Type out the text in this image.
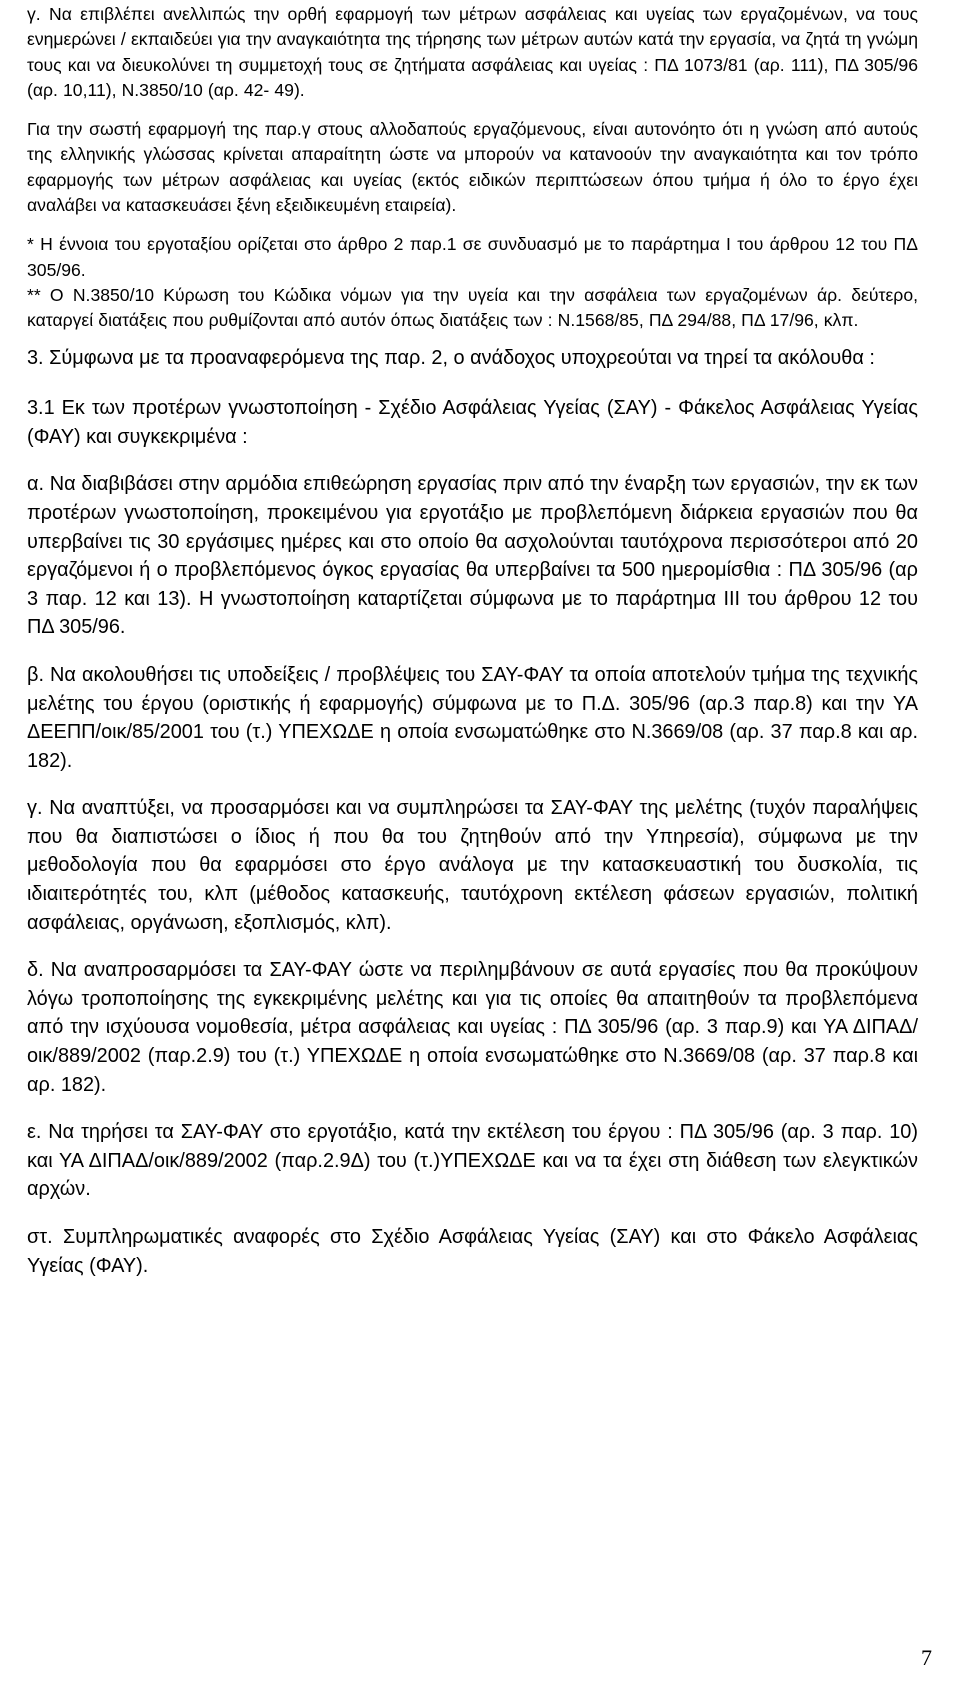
γ. Να επιβλέπει ανελλιπώς την ορθή εφαρμογή των μέτρων ασφάλειας και υγείας των εργαζομένων, να τους ενημερώνει / εκπαιδεύει για την αναγκαιότητα της τήρησης των μέτρων αυτών κατά την εργασία, να ζητά τη γνώμη τους και να διευκολύνει τη συμμετοχή τους σε ζητήματα ασφάλειας και υγείας : ΠΔ 1073/81 (αρ. 111), ΠΔ 305/96 (αρ. 10,11), Ν.3850/10 (αρ. 42- 49).

Για την σωστή εφαρμογή της παρ.γ στους αλλοδαπούς εργαζόμενους, είναι αυτονόητο ότι η γνώση από αυτούς της ελληνικής γλώσσας κρίνεται απαραίτητη ώστε να μπορούν να κατανοούν την αναγκαιότητα και τον τρόπο εφαρμογής των μέτρων ασφάλειας και υγείας (εκτός ειδικών περιπτώσεων όπου τμήμα ή όλο το έργο έχει αναλάβει να κατασκευάσει ξένη εξειδικευμένη εταιρεία).

* Η έννοια του εργοταξίου ορίζεται στο άρθρο 2 παρ.1 σε συνδυασμό με το παράρτημα Ι του άρθρου 12 του ΠΔ 305/96.

** Ο Ν.3850/10 Κύρωση του Κώδικα νόμων για την υγεία και την ασφάλεια των εργαζομένων άρ. δεύτερο, καταργεί διατάξεις που ρυθμίζονται από αυτόν όπως διατάξεις των : Ν.1568/85, ΠΔ 294/88, ΠΔ 17/96, κλπ.

3. Σύμφωνα με τα προαναφερόμενα της παρ. 2, ο ανάδοχος υποχρεούται να τηρεί τα ακόλουθα :

3.1 Εκ των προτέρων γνωστοποίηση - Σχέδιο Ασφάλειας Υγείας (ΣΑΥ) - Φάκελος Ασφάλειας Υγείας (ΦΑΥ) και συγκεκριμένα :

α. Να διαβιβάσει στην αρμόδια επιθεώρηση εργασίας πριν από την έναρξη των εργασιών, την εκ των προτέρων γνωστοποίηση, προκειμένου για εργοτάξιο με προβλεπόμενη διάρκεια εργασιών που θα υπερβαίνει τις 30 εργάσιμες ημέρες και στο οποίο θα ασχολούνται ταυτόχρονα περισσότεροι από 20 εργαζόμενοι ή ο προβλεπόμενος όγκος εργασίας θα υπερβαίνει τα 500 ημερομίσθια : ΠΔ 305/96 (αρ 3 παρ. 12 και 13). Η γνωστοποίηση καταρτίζεται σύμφωνα με το παράρτημα ΙΙΙ του άρθρου 12 του ΠΔ 305/96.

β. Να ακολουθήσει τις υποδείξεις / προβλέψεις του ΣΑΥ-ΦΑΥ τα οποία αποτελούν τμήμα της τεχνικής μελέτης του έργου (οριστικής ή εφαρμογής) σύμφωνα με το Π.Δ. 305/96 (αρ.3 παρ.8) και την ΥΑ ΔΕΕΠΠ/οικ/85/2001 του (τ.) ΥΠΕΧΩΔΕ η οποία ενσωματώθηκε στο Ν.3669/08 (αρ. 37 παρ.8 και αρ. 182).

γ. Να αναπτύξει, να προσαρμόσει και να συμπληρώσει τα ΣΑΥ-ΦΑΥ της μελέτης (τυχόν παραλήψεις που θα διαπιστώσει ο ίδιος ή που θα του ζητηθούν από την Υπηρεσία), σύμφωνα με την μεθοδολογία που θα εφαρμόσει στο έργο ανάλογα με την κατασκευαστική του δυσκολία, τις ιδιαιτερότητές του, κλπ (μέθοδος κατασκευής, ταυτόχρονη εκτέλεση φάσεων εργασιών, πολιτική ασφάλειας, οργάνωση, εξοπλισμός, κλπ).

δ. Να αναπροσαρμόσει τα ΣΑΥ-ΦΑΥ ώστε να περιλημβάνουν σε αυτά εργασίες που θα προκύψουν λόγω τροποποίησης της εγκεκριμένης μελέτης και για τις οποίες θα απαιτηθούν τα προβλεπόμενα από την ισχύουσα νομοθεσία, μέτρα ασφάλειας και υγείας : ΠΔ 305/96 (αρ. 3 παρ.9) και ΥΑ ΔΙΠΑΔ/οικ/889/2002 (παρ.2.9) του (τ.) ΥΠΕΧΩΔΕ η οποία ενσωματώθηκε στο Ν.3669/08 (αρ. 37 παρ.8 και αρ. 182).

ε. Να τηρήσει τα ΣΑΥ-ΦΑΥ στο εργοτάξιο, κατά την εκτέλεση του έργου : ΠΔ 305/96 (αρ. 3 παρ. 10) και ΥΑ ΔΙΠΑΔ/οικ/889/2002 (παρ.2.9Δ) του (τ.)ΥΠΕΧΩΔΕ και να τα έχει στη διάθεση των ελεγκτικών αρχών.

στ. Συμπληρωματικές αναφορές στο Σχέδιο Ασφάλειας Υγείας (ΣΑΥ) και στο Φάκελο Ασφάλειας Υγείας (ΦΑΥ).

7
